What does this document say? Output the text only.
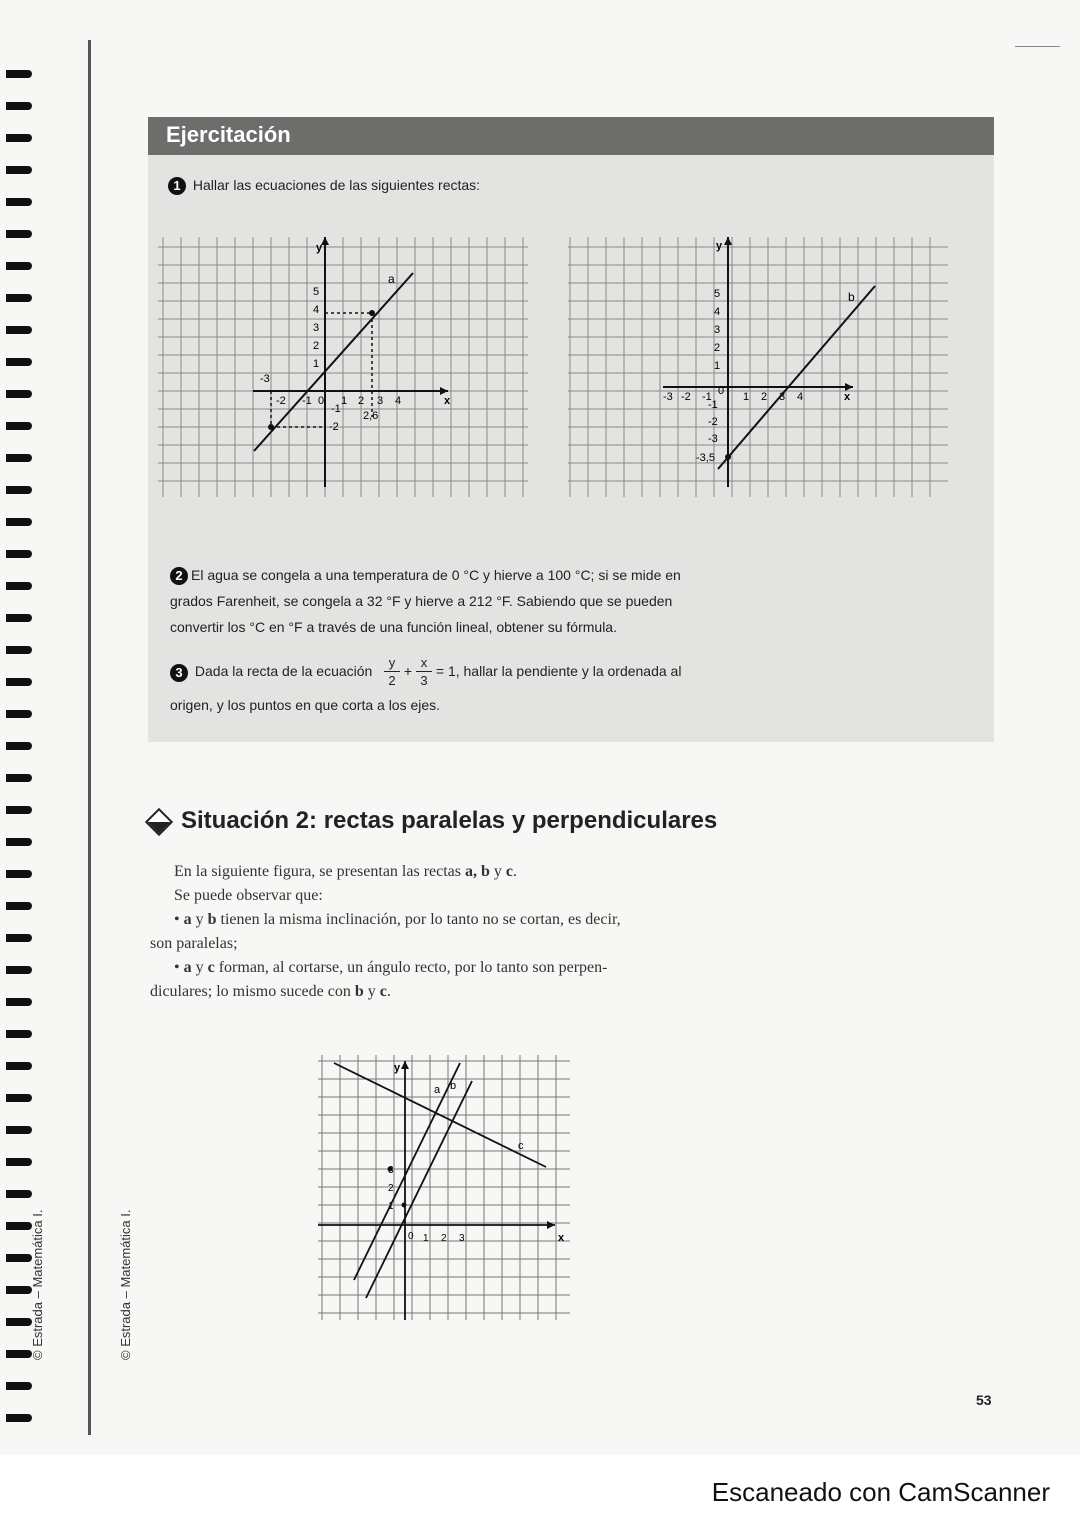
© Estrada – Matemática I.	© Estrada – Matemática I.
Ejercitación
1 Hallar las ecuaciones de las siguientes rectas:
y
x
a
-2 -1 0 1 2 3 4
2,6
-3
5
4
3
2
1
-1
-2
y
x
b
-3 -2 -1 0 1 2 3 4
5
4
3
2
1
-1
-2
-3
-3,5
2 El agua se congela a una temperatura de 0 °C y hierve a 100 °C; si se mide en grados Farenheit, se congela a 32 °F y hierve a 212 °F. Sabiendo que se pueden convertir los °C en °F a través de una función lineal, obtener su fórmula.
3 Dada la recta de la ecuación $\frac{y}{2} + \frac{x}{3} = 1$, hallar la pendiente y la ordenada al
origen, y los puntos en que corta a los ejes.
Situación 2: rectas paralelas y perpendiculares

En la siguiente figura, se presentan las rectas a, b y c.

Se puede observar que:

• a y b tienen la misma inclinación, por lo tanto no se cortan, es decir,

son paralelas;

• a y c forman, al cortarse, un ángulo recto, por lo tanto son perpen-

diculares; lo mismo sucede con b y c.

y
x
a b
c
0 1 2 3
3
2
1
53
Escaneado con CamScanner
